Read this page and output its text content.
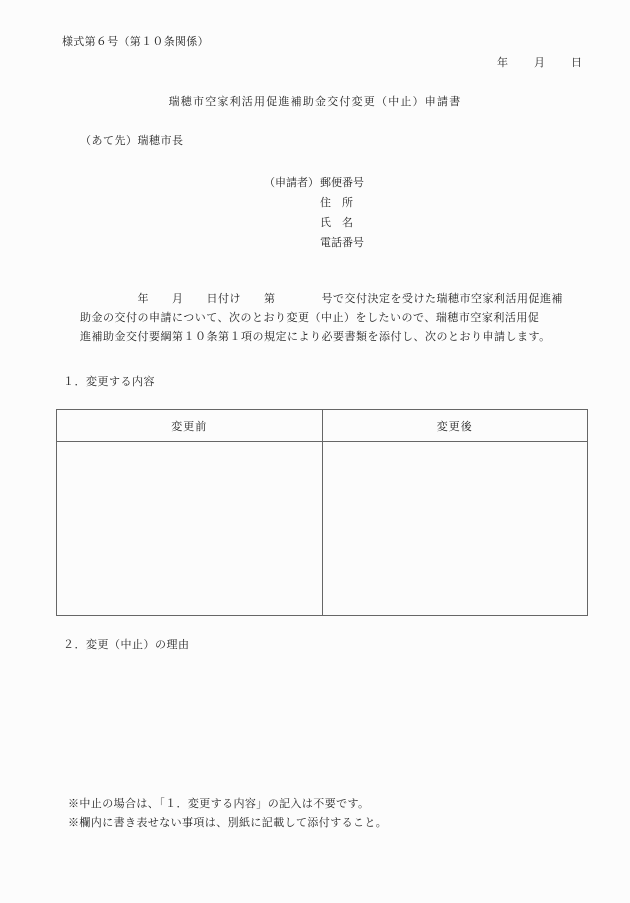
様式第６号（第１０条関係）
年 月 日
瑞穂市空家利活用促進補助金交付変更（中止）申請書
（あて先）瑞穂市長
（申請者） 郵便番号
住　所
氏　名
電話番号
　　　　　年　　月　　日付け　　第　　　　号で交付決定を受けた瑞穂市空家利活用促進補
助金の交付の申請について、次のとおり変更（中止）をしたいので、瑞穂市空家利活用促
進補助金交付要綱第１０条第１項の規定により必要書類を添付し、次のとおり申請します。
１．変更する内容
変更前	変更後

２．変更（中止）の理由
※中止の場合は、「１．変更する内容」の記入は不要です。
※欄内に書き表せない事項は、別紙に記載して添付すること。
